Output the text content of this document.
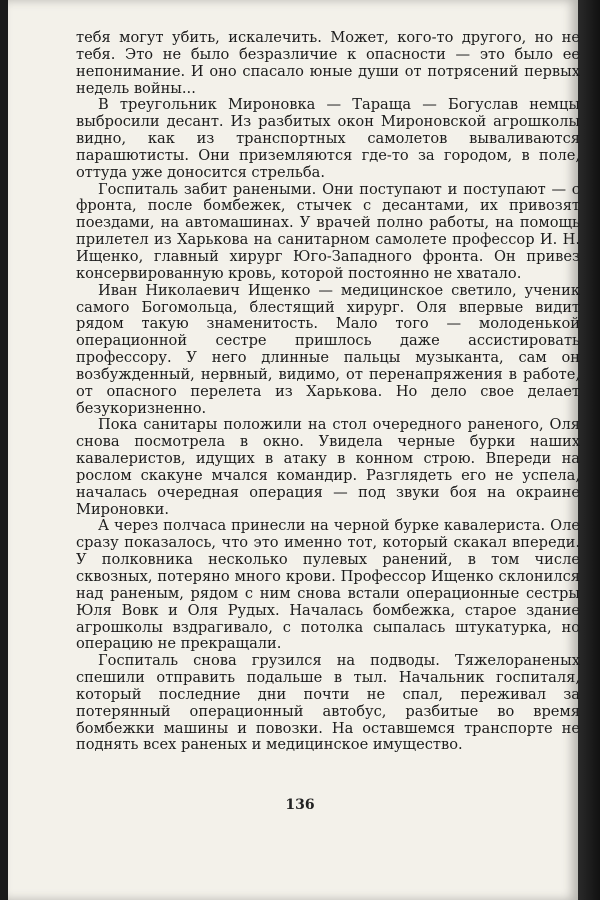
тебя могут убить, искалечить. Может, кого-то другого, но не тебя. Это не было безразличие к опасности — это было ее непонимание. И оно спасало юные души от потрясений первых недель войны...

В треугольник Мироновка — Тараща — Богуслав немцы выбросили десант. Из разбитых окон Мироновской агрошколы видно, как из транспортных самолетов вываливаются парашютисты. Они приземляются где-то за городом, в поле, оттуда уже доносится стрельба.

Госпиталь забит ранеными. Они поступают и поступают — с фронта, после бомбежек, стычек с десантами, их привозят поездами, на автомашинах. У врачей полно работы, на помощь прилетел из Харькова на санитарном самолете профессор И. Н. Ищенко, главный хирург Юго-Западного фронта. Он привез консервированную кровь, которой постоянно не хватало.

Иван Николаевич Ищенко — медицинское светило, ученик самого Богомольца, блестящий хирург. Оля впервые видит рядом такую знаменитость. Мало того — молоденькой операционной сестре пришлось даже ассистировать профессору. У него длинные пальцы музыканта, сам он возбужденный, нервный, видимо, от перенапряжения в работе, от опасного перелета из Харькова. Но дело свое делает безукоризненно.

Пока санитары положили на стол очередного раненого, Оля снова посмотрела в окно. Увидела черные бурки наших кавалеристов, идущих в атаку в конном строю. Впереди на рослом скакуне мчался командир. Разглядеть его не успела, началась очередная операция — под звуки боя на окраине Мироновки.

А через полчаса принесли на черной бурке кавалериста. Оле сразу показалось, что это именно тот, который скакал впереди. У полковника несколько пулевых ранений, в том числе сквозных, потеряно много крови. Профессор Ищенко склонился над раненым, рядом с ним снова встали операционные сестры Юля Вовк и Оля Рудых. Началась бомбежка, старое здание агрошколы вздрагивало, с потолка сыпалась штукатурка, но операцию не прекращали.

Госпиталь снова грузился на подводы. Тяжелораненых спешили отправить подальше в тыл. Начальник госпиталя, который последние дни почти не спал, переживал за потерянный операционный автобус, разбитые во время бомбежки машины и повозки. На оставшемся транспорте не поднять всех раненых и медицинское имущество.

136
